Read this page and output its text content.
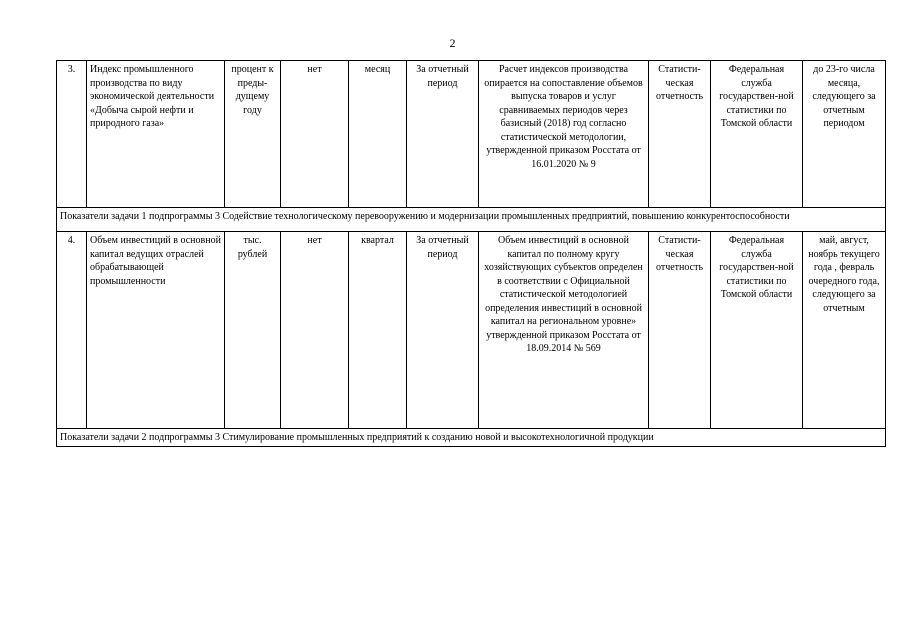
2
3.	Индекс промышленного производства по виду экономической деятельности «Добыча сырой нефти и природного газа»	процент к преды-дущему году	нет	месяц	За отчетный период	Расчет индексов производства опирается на сопоставление объемов выпуска товаров и услуг сравниваемых периодов через базисный (2018) год согласно статистической методологии, утвержденной приказом Росстата от 16.01.2020 № 9	Статисти-ческая отчетность	Федеральная служба государствен-ной статистики по Томской области	до 23-го числа месяца, следующего за отчетным периодом
Показатели задачи 1 подпрограммы 3 Содействие технологическому перевооружению и модернизации промышленных предприятий, повышению конкурентоспособности									
4.	Объем инвестиций в основной капитал ведущих отраслей обрабатывающей промышленности	тыс. рублей	нет	квартал	За отчетный период	Объем инвестиций в основной капитал по полному кругу хозяйствующих субъектов определен в соответствии с Официальной статистической методологией определения инвестиций в основной капитал на региональном уровне» утвержденной приказом Росстата от 18.09.2014 № 569	Статисти-ческая отчетность	Федеральная служба государствен-ной статистики по Томской области	май, август, ноябрь текущего года , февраль очередного года, следующего за отчетным
Показатели задачи 2 подпрограммы 3 Стимулирование промышленных предприятий к созданию новой и высокотехнологичной продукции									
